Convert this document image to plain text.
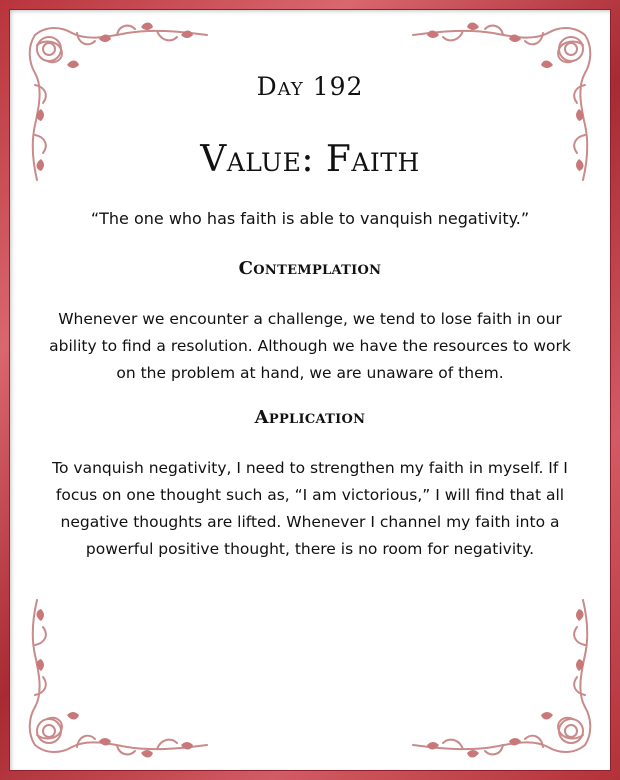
Day 192
Value: Faith
“The one who has faith is able to vanquish negativity.”
Contemplation
Whenever we encounter a challenge, we tend to lose faith in our ability to find a resolution. Although we have the resources to work on the problem at hand, we are unaware of them.
Application
To vanquish negativity, I need to strengthen my faith in myself. If I focus on one thought such as, “I am victorious,” I will find that all negative thoughts are lifted. Whenever I channel my faith into a powerful positive thought, there is no room for negativity.
